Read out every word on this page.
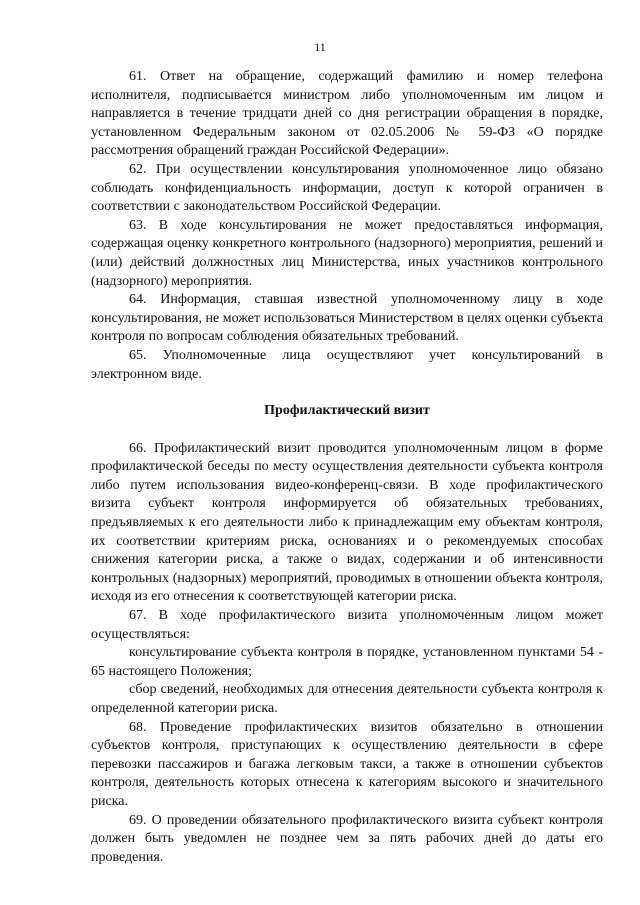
11

61. Ответ на обращение, содержащий фамилию и номер телефона исполнителя, подписывается министром либо уполномоченным им лицом и направляется в течение тридцати дней со дня регистрации обращения в порядке, установленном Федеральным законом от 02.05.2006 № 59-ФЗ «О порядке рассмотрения обращений граждан Российской Федерации».

62. При осуществлении консультирования уполномоченное лицо обязано соблюдать конфиденциальность информации, доступ к которой ограничен в соответствии с законодательством Российской Федерации.

63. В ходе консультирования не может предоставляться информация, содержащая оценку конкретного контрольного (надзорного) мероприятия, решений и (или) действий должностных лиц Министерства, иных участников контрольного (надзорного) мероприятия.

64. Информация, ставшая известной уполномоченному лицу в ходе консультирования, не может использоваться Министерством в целях оценки субъекта контроля по вопросам соблюдения обязательных требований.

65. Уполномоченные лица осуществляют учет консультирований в электронном виде.

Профилактический визит

66. Профилактический визит проводится уполномоченным лицом в форме профилактической беседы по месту осуществления деятельности субъекта контроля либо путем использования видео-конференц-связи. В ходе профилактического визита субъект контроля информируется об обязательных требованиях, предъявляемых к его деятельности либо к принадлежащим ему объектам контроля, их соответствии критериям риска, основаниях и о рекомендуемых способах снижения категории риска, а также о видах, содержании и об интенсивности контрольных (надзорных) мероприятий, проводимых в отношении объекта контроля, исходя из его отнесения к соответствующей категории риска.

67. В ходе профилактического визита уполномоченным лицом может осуществляться:

консультирование субъекта контроля в порядке, установленном пунктами 54 - 65 настоящего Положения;

сбор сведений, необходимых для отнесения деятельности субъекта контроля к определенной категории риска.

68. Проведение профилактических визитов обязательно в отношении субъектов контроля, приступающих к осуществлению деятельности в сфере перевозки пассажиров и багажа легковым такси, а также в отношении субъектов контроля, деятельность которых отнесена к категориям высокого и значительного риска.

69. О проведении обязательного профилактического визита субъект контроля должен быть уведомлен не позднее чем за пять рабочих дней до даты его проведения.
